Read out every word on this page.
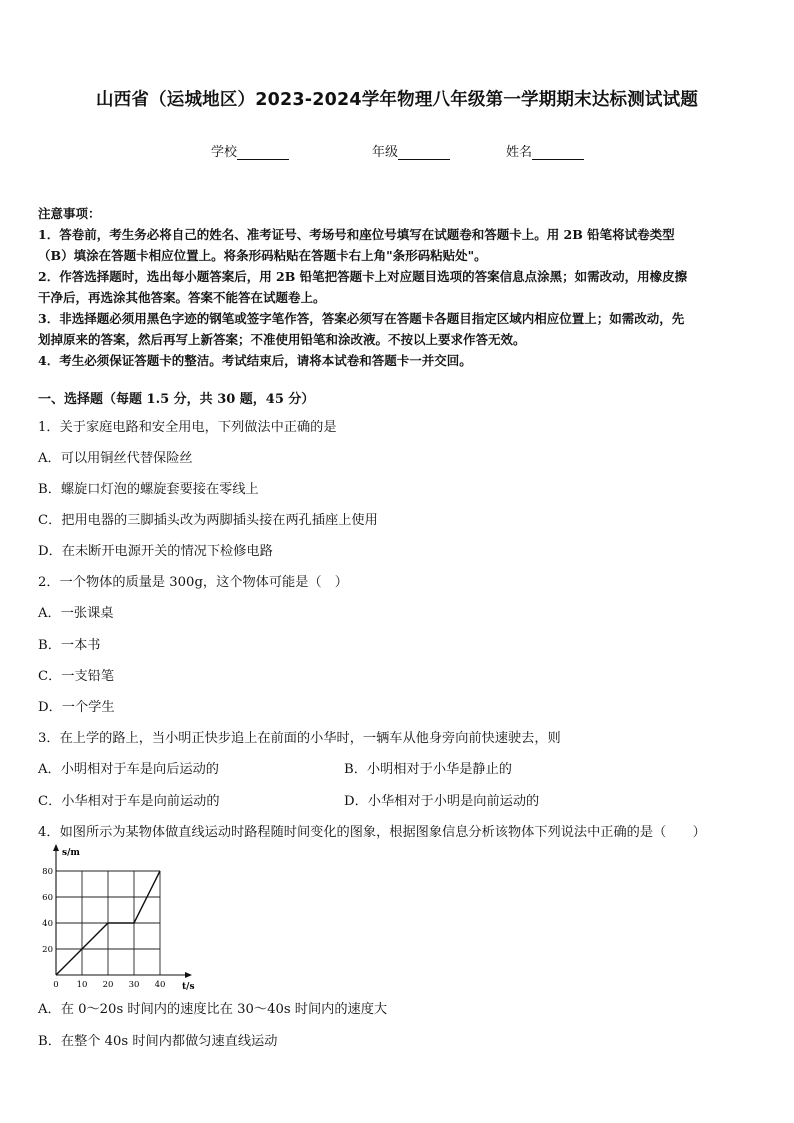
山西省（运城地区）2023-2024学年物理八年级第一学期期末达标测试试题
学校	年级	姓名

注意事项：

1．答卷前，考生务必将自己的姓名、准考证号、考场号和座位号填写在试题卷和答题卡上。用 2B 铅笔将试卷类型

（B）填涂在答题卡相应位置上。将条形码粘贴在答题卡右上角"条形码粘贴处"。

2．作答选择题时，选出每小题答案后，用 2B 铅笔把答题卡上对应题目选项的答案信息点涂黑；如需改动，用橡皮擦

干净后，再选涂其他答案。答案不能答在试题卷上。

3．非选择题必须用黑色字迹的钢笔或签字笔作答，答案必须写在答题卡各题目指定区域内相应位置上；如需改动，先

划掉原来的答案，然后再写上新答案；不准使用铅笔和涂改液。不按以上要求作答无效。

4．考生必须保证答题卡的整洁。考试结束后，请将本试卷和答题卡一并交回。

一、选择题（每题 1.5 分，共 30 题，45 分）
1．关于家庭电路和安全用电，下列做法中正确的是
A．可以用铜丝代替保险丝
B．螺旋口灯泡的螺旋套要接在零线上
C．把用电器的三脚插头改为两脚插头接在两孔插座上使用
D．在未断开电源开关的情况下检修电路
2．一个物体的质量是 300g，这个物体可能是（　）
A．一张课桌
B．一本书
C．一支铅笔
D．一个学生
3．在上学的路上，当小明正快步追上在前面的小华时，一辆车从他身旁向前快速驶去，则
A．小明相对于车是向后运动的	B．小明相对于小华是静止的
C．小华相对于车是向前运动的	D．小华相对于小明是向前运动的
4．如图所示为某物体做直线运动时路程随时间变化的图象，根据图象信息分析该物体下列说法中正确的是（　　）
s/m
t/s
0 10 20 30 40
20
40
60
80
A．在 0～20s 时间内的速度比在 30～40s 时间内的速度大
B．在整个 40s 时间内都做匀速直线运动
